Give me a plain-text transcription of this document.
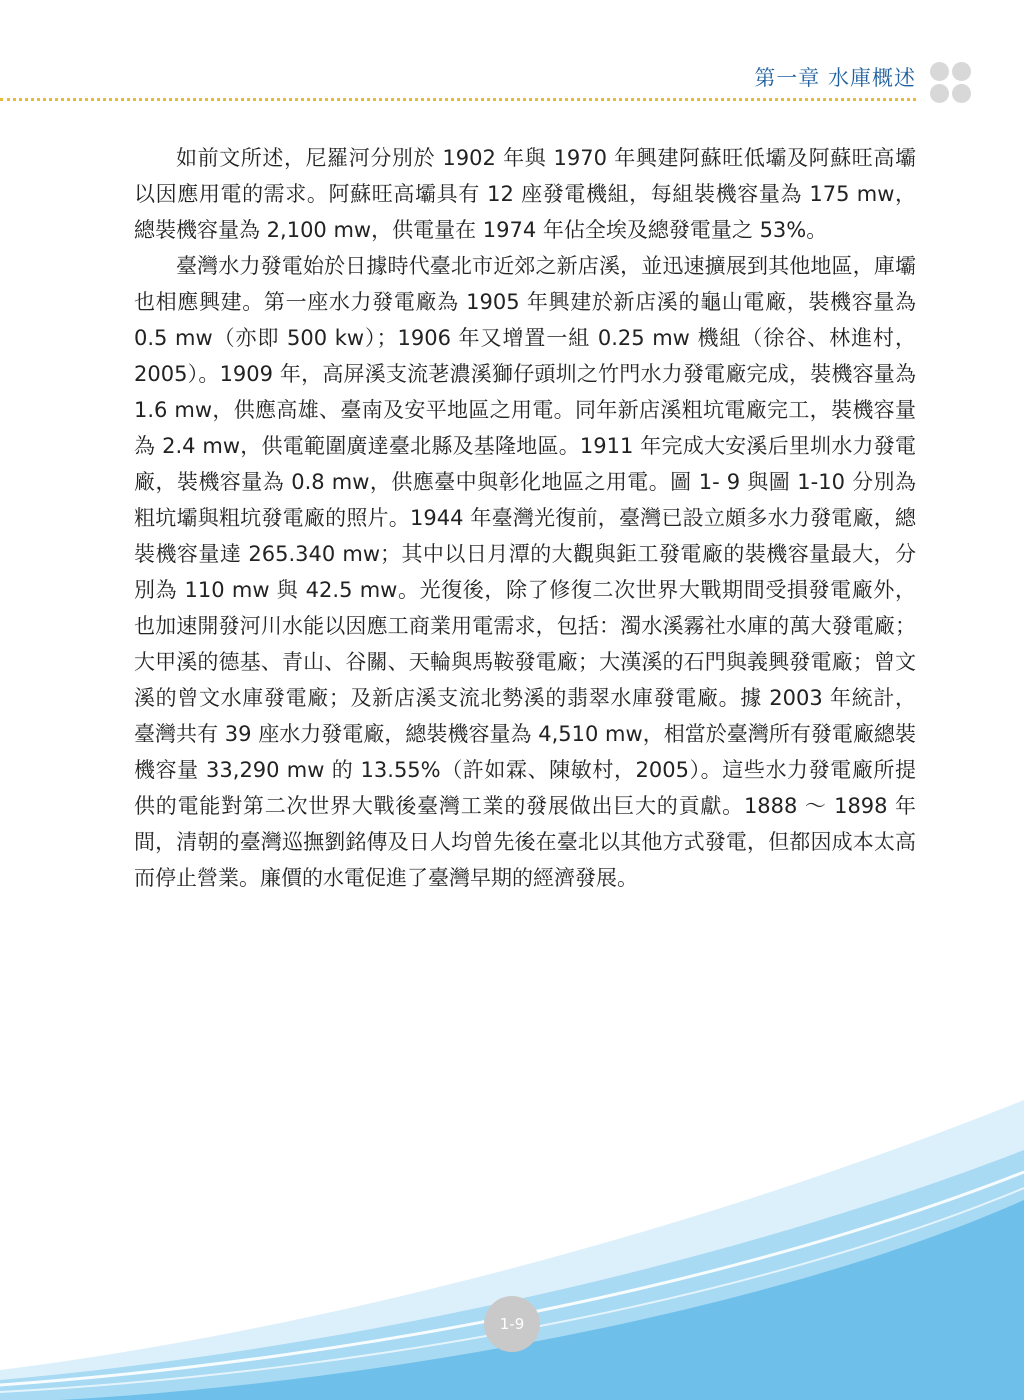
第一章 水庫概述

如前文所述，尼羅河分別於 1902 年與 1970 年興建阿蘇旺低壩及阿蘇旺高壩以因應用電的需求。阿蘇旺高壩具有 12 座發電機組，每組裝機容量為 175 mw，總裝機容量為 2,100 mw，供電量在 1974 年佔全埃及總發電量之 53%。

臺灣水力發電始於日據時代臺北市近郊之新店溪，並迅速擴展到其他地區，庫壩也相應興建。第一座水力發電廠為 1905 年興建於新店溪的龜山電廠，裝機容量為 0.5 mw（亦即 500 kw）；1906 年又增置一組 0.25 mw 機組（徐谷、林進村，2005）。1909 年，高屏溪支流荖濃溪獅仔頭圳之竹門水力發電廠完成，裝機容量為 1.6 mw，供應高雄、臺南及安平地區之用電。同年新店溪粗坑電廠完工，裝機容量為 2.4 mw，供電範圍廣達臺北縣及基隆地區。1911 年完成大安溪后里圳水力發電廠，裝機容量為 0.8 mw，供應臺中與彰化地區之用電。圖 1- 9 與圖 1-10 分別為粗坑壩與粗坑發電廠的照片。1944 年臺灣光復前，臺灣已設立頗多水力發電廠，總裝機容量達 265.340 mw；其中以日月潭的大觀與鉅工發電廠的裝機容量最大，分別為 110 mw 與 42.5 mw。光復後，除了修復二次世界大戰期間受損發電廠外，也加速開發河川水能以因應工商業用電需求，包括：濁水溪霧社水庫的萬大發電廠；大甲溪的德基、青山、谷關、天輪與馬鞍發電廠；大漢溪的石門與義興發電廠；曾文溪的曾文水庫發電廠；及新店溪支流北勢溪的翡翠水庫發電廠。據 2003 年統計， 臺灣共有 39 座水力發電廠，總裝機容量為 4,510 mw，相當於臺灣所有發電廠總裝機容量 33,290 mw 的 13.55%（許如霖、陳敏村，2005）。這些水力發電廠所提供的電能對第二次世界大戰後臺灣工業的發展做出巨大的貢獻。1888 ～ 1898 年間，清朝的臺灣巡撫劉銘傳及日人均曾先後在臺北以其他方式發電，但都因成本太高而停止營業。廉價的水電促進了臺灣早期的經濟發展。

1-9
